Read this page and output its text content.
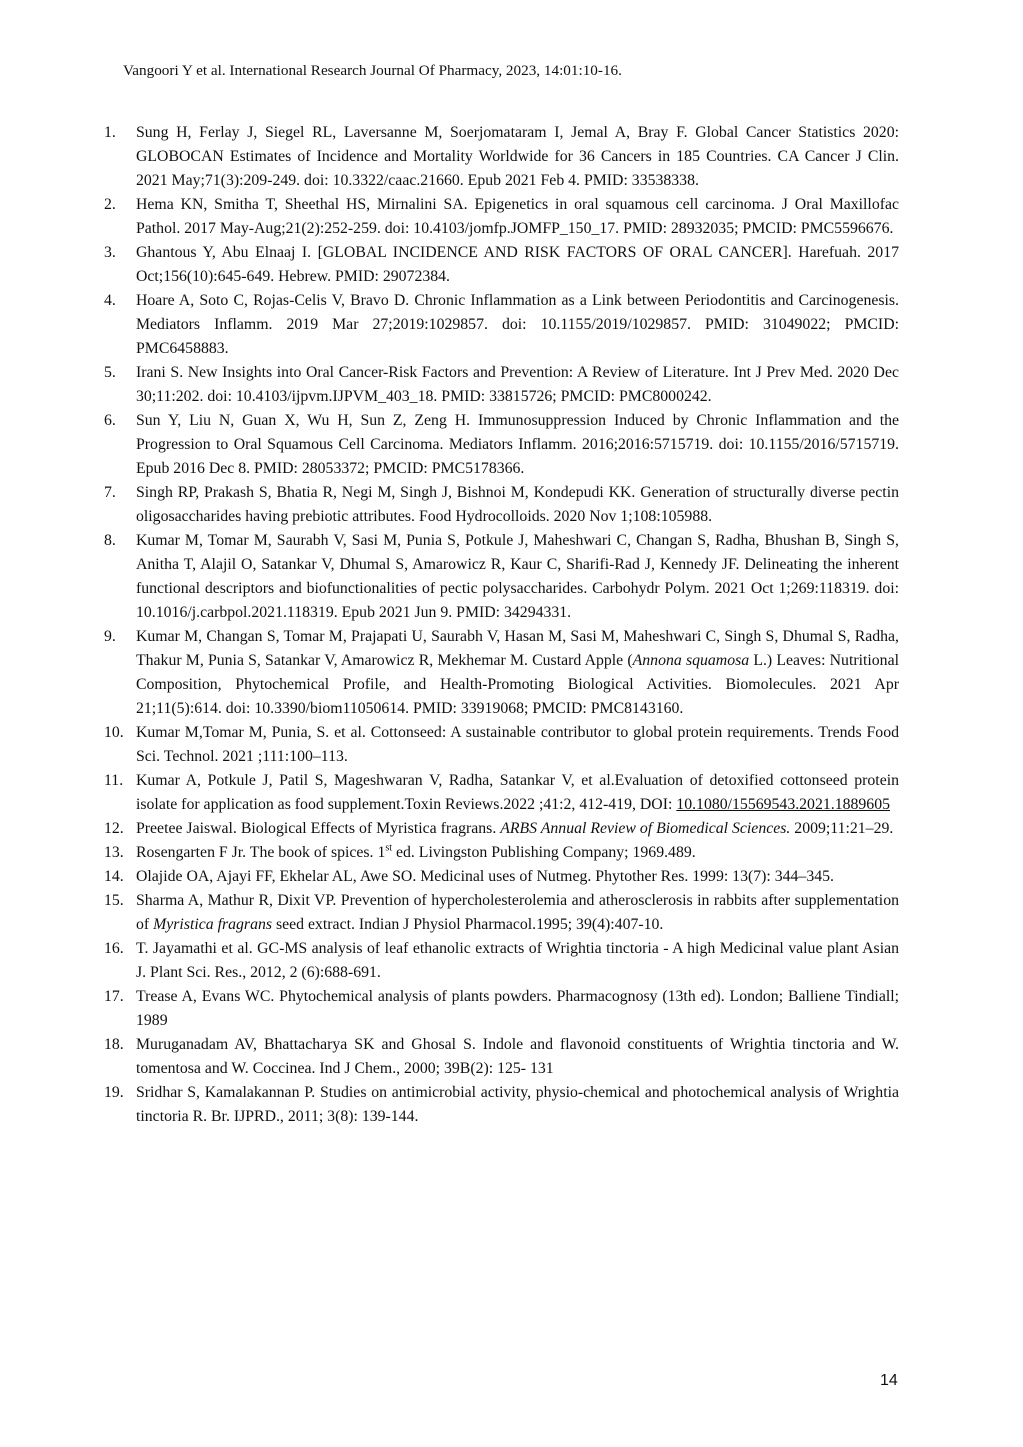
Vangoori Y et al. International Research Journal Of Pharmacy, 2023, 14:01:10-16.
1. Sung H, Ferlay J, Siegel RL, Laversanne M, Soerjomataram I, Jemal A, Bray F. Global Cancer Statistics 2020: GLOBOCAN Estimates of Incidence and Mortality Worldwide for 36 Cancers in 185 Countries. CA Cancer J Clin. 2021 May;71(3):209-249. doi: 10.3322/caac.21660. Epub 2021 Feb 4. PMID: 33538338.
2. Hema KN, Smitha T, Sheethal HS, Mirnalini SA. Epigenetics in oral squamous cell carcinoma. J Oral Maxillofac Pathol. 2017 May-Aug;21(2):252-259. doi: 10.4103/jomfp.JOMFP_150_17. PMID: 28932035; PMCID: PMC5596676.
3. Ghantous Y, Abu Elnaaj I. [GLOBAL INCIDENCE AND RISK FACTORS OF ORAL CANCER]. Harefuah. 2017 Oct;156(10):645-649. Hebrew. PMID: 29072384.
4. Hoare A, Soto C, Rojas-Celis V, Bravo D. Chronic Inflammation as a Link between Periodontitis and Carcinogenesis. Mediators Inflamm. 2019 Mar 27;2019:1029857. doi: 10.1155/2019/1029857. PMID: 31049022; PMCID: PMC6458883.
5. Irani S. New Insights into Oral Cancer-Risk Factors and Prevention: A Review of Literature. Int J Prev Med. 2020 Dec 30;11:202. doi: 10.4103/ijpvm.IJPVM_403_18. PMID: 33815726; PMCID: PMC8000242.
6. Sun Y, Liu N, Guan X, Wu H, Sun Z, Zeng H. Immunosuppression Induced by Chronic Inflammation and the Progression to Oral Squamous Cell Carcinoma. Mediators Inflamm. 2016;2016:5715719. doi: 10.1155/2016/5715719. Epub 2016 Dec 8. PMID: 28053372; PMCID: PMC5178366.
7. Singh RP, Prakash S, Bhatia R, Negi M, Singh J, Bishnoi M, Kondepudi KK. Generation of structurally diverse pectin oligosaccharides having prebiotic attributes. Food Hydrocolloids. 2020 Nov 1;108:105988.
8. Kumar M, Tomar M, Saurabh V, Sasi M, Punia S, Potkule J, Maheshwari C, Changan S, Radha, Bhushan B, Singh S, Anitha T, Alajil O, Satankar V, Dhumal S, Amarowicz R, Kaur C, Sharifi-Rad J, Kennedy JF. Delineating the inherent functional descriptors and biofunctionalities of pectic polysaccharides. Carbohydr Polym. 2021 Oct 1;269:118319. doi: 10.1016/j.carbpol.2021.118319. Epub 2021 Jun 9. PMID: 34294331.
9. Kumar M, Changan S, Tomar M, Prajapati U, Saurabh V, Hasan M, Sasi M, Maheshwari C, Singh S, Dhumal S, Radha, Thakur M, Punia S, Satankar V, Amarowicz R, Mekhemar M. Custard Apple (Annona squamosa L.) Leaves: Nutritional Composition, Phytochemical Profile, and Health-Promoting Biological Activities. Biomolecules. 2021 Apr 21;11(5):614. doi: 10.3390/biom11050614. PMID: 33919068; PMCID: PMC8143160.
10. Kumar M,Tomar M, Punia, S. et al. Cottonseed: A sustainable contributor to global protein requirements. Trends Food Sci. Technol. 2021 ;111:100–113.
11. Kumar A, Potkule J, Patil S, Mageshwaran V, Radha, Satankar V, et al.Evaluation of detoxified cottonseed protein isolate for application as food supplement.Toxin Reviews.2022 ;41:2, 412-419, DOI: 10.1080/15569543.2021.1889605
12. Preetee Jaiswal. Biological Effects of Myristica fragrans. ARBS Annual Review of Biomedical Sciences. 2009;11:21–29.
13. Rosengarten F Jr. The book of spices. 1st ed. Livingston Publishing Company; 1969.489.
14. Olajide OA, Ajayi FF, Ekhelar AL, Awe SO. Medicinal uses of Nutmeg. Phytother Res. 1999: 13(7): 344–345.
15. Sharma A, Mathur R, Dixit VP. Prevention of hypercholesterolemia and atherosclerosis in rabbits after supplementation of Myristica fragrans seed extract. Indian J Physiol Pharmacol.1995; 39(4):407-10.
16. T. Jayamathi et al. GC-MS analysis of leaf ethanolic extracts of Wrightia tinctoria - A high Medicinal value plant Asian J. Plant Sci. Res., 2012, 2 (6):688-691.
17. Trease A, Evans WC. Phytochemical analysis of plants powders. Pharmacognosy (13th ed). London; Balliene Tindiall; 1989
18. Muruganadam AV, Bhattacharya SK and Ghosal S. Indole and flavonoid constituents of Wrightia tinctoria and W. tomentosa and W. Coccinea. Ind J Chem., 2000; 39B(2): 125- 131
19. Sridhar S, Kamalakannan P. Studies on antimicrobial activity, physio-chemical and photochemical analysis of Wrightia tinctoria R. Br. IJPRD., 2011; 3(8): 139-144.
14
